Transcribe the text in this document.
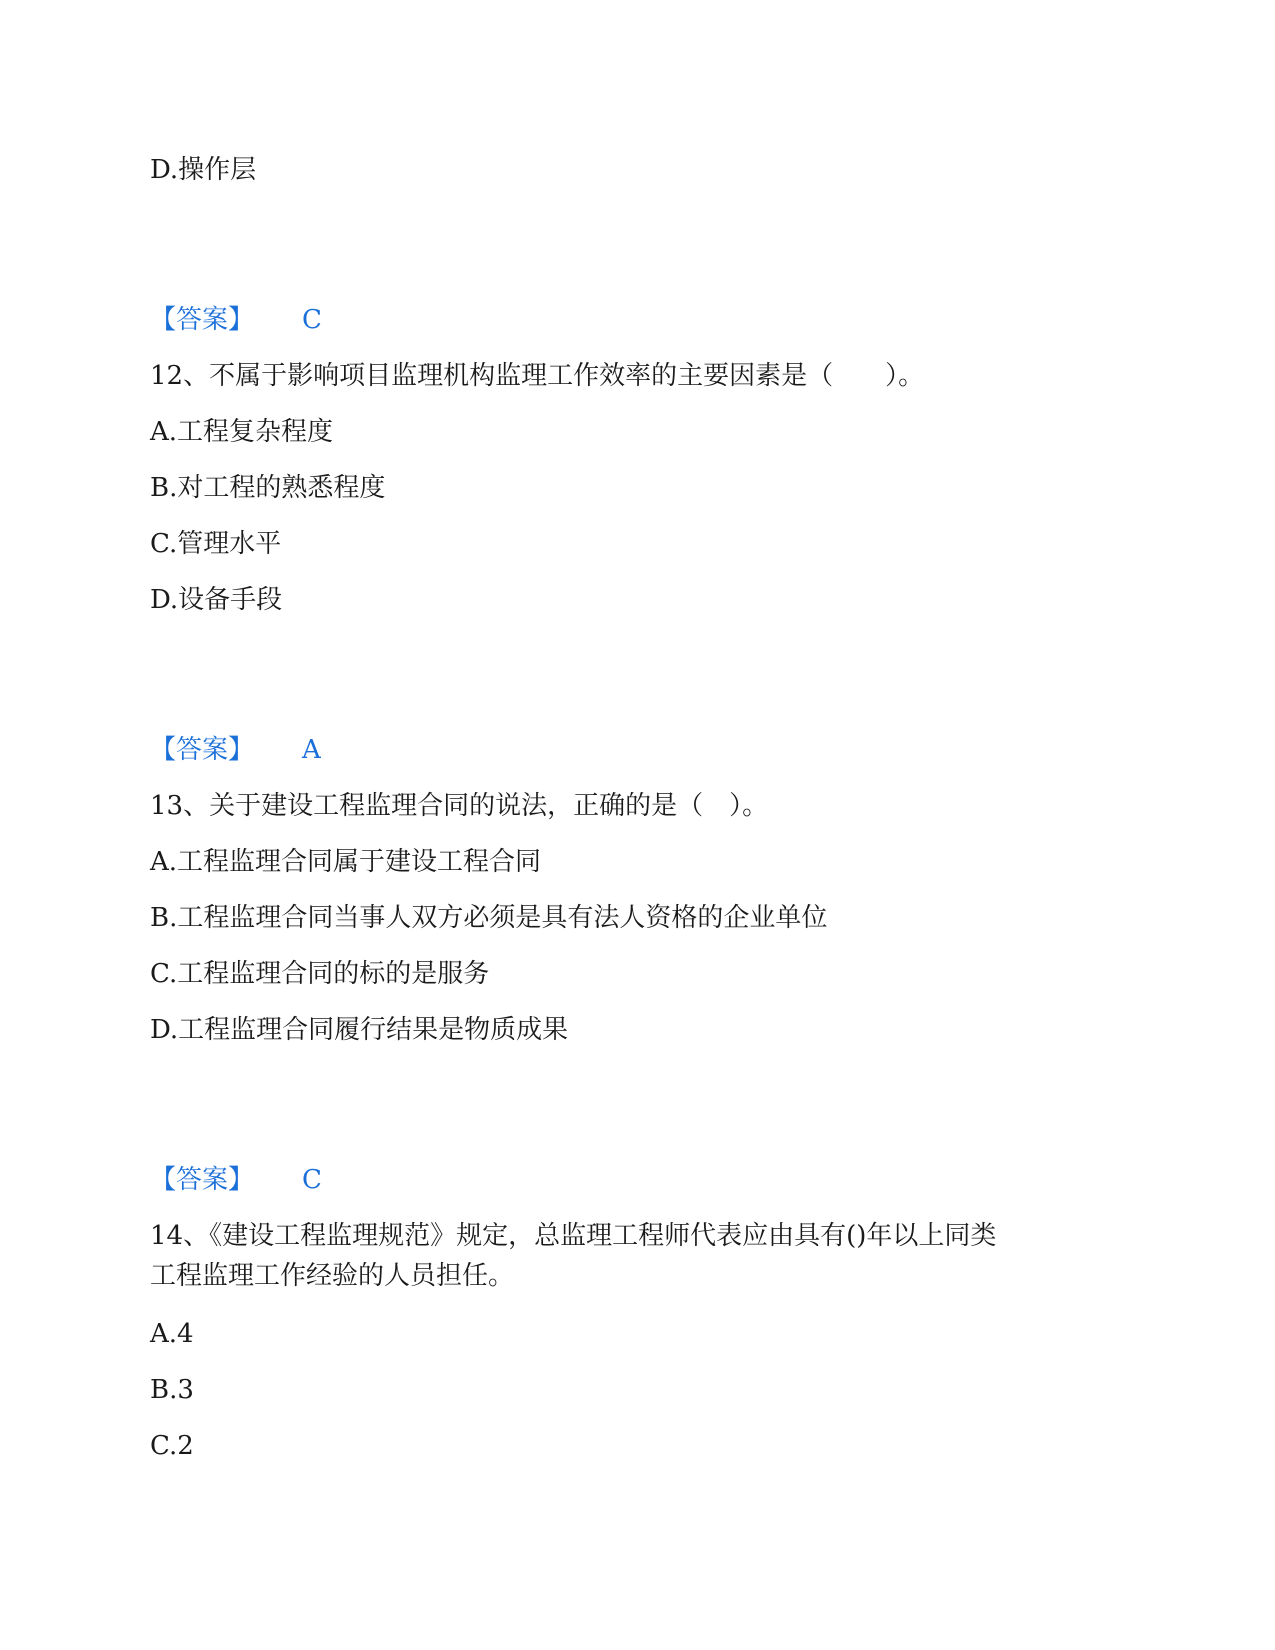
D.操作层
【答案】 C
12、不属于影响项目监理机构监理工作效率的主要因素是（　　）。
A.工程复杂程度
B.对工程的熟悉程度
C.管理水平
D.设备手段
【答案】 A
13、关于建设工程监理合同的说法，正确的是（　）。
A.工程监理合同属于建设工程合同
B.工程监理合同当事人双方必须是具有法人资格的企业单位
C.工程监理合同的标的是服务
D.工程监理合同履行结果是物质成果
【答案】 C
14、《建设工程监理规范》规定，总监理工程师代表应由具有()年以上同类
工程监理工作经验的人员担任。
A.4
B.3
C.2
